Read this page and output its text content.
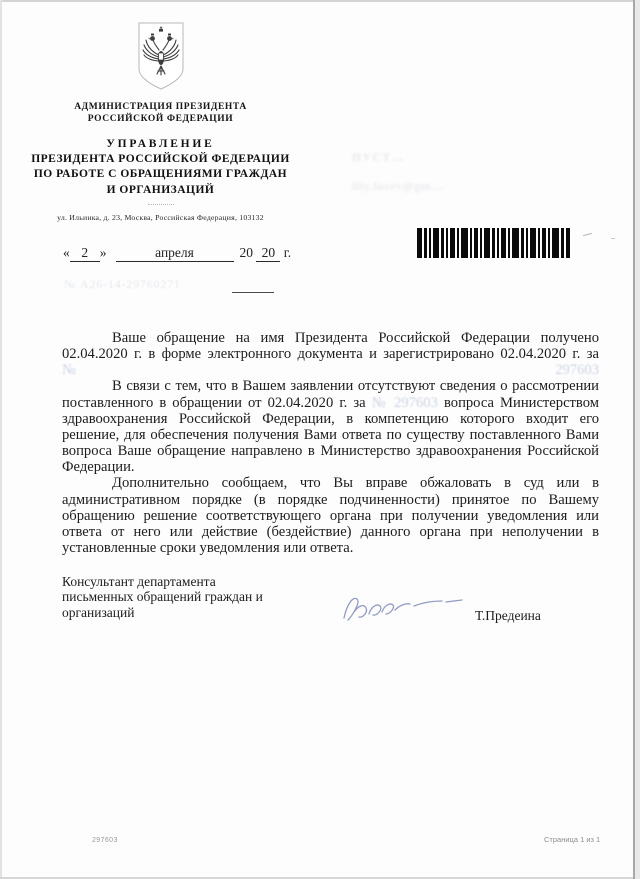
АДМИНИСТРАЦИЯ ПРЕЗИДЕНТА
РОССИЙСКОЙ ФЕДЕРАЦИИ
УПРАВЛЕНИЕ
ПРЕЗИДЕНТА РОССИЙСКОЙ ФЕДЕРАЦИИ
ПО РАБОТЕ С ОБРАЩЕНИЯМИ ГРАЖДАН
И ОРГАНИЗАЦИЙ
ул. Ильинка, д. 23, Москва, Российская Федерация, 103132
ПУСТ…
iliy.lusev@gm…
« 2 »	апреля	20 20 г.
№ А26-14-29760271

Ваше обращение на имя Президента Российской Федерации получено 02.04.2020 г. в форме электронного документа и зарегистрировано 02.04.2020 г. за
№ 297603

В связи с тем, что в Вашем заявлении отсутствуют сведения о рассмотрении поставленного в обращении от 02.04.2020 г. за № 297603 вопроса Министерством здравоохранения Российской Федерации, в компетенцию которого входит его решение, для обеспечения получения Вами ответа по существу поставленного Вами вопроса Ваше обращение направлено в Министерство здравоохранения Российской Федерации.

Дополнительно сообщаем, что Вы вправе обжаловать в суд или в административном порядке (в порядке подчиненности) принятое по Вашему обращению решение соответствующего органа при получении уведомления или ответа от него или действие (бездействие) данного органа при неполучении в установленные сроки уведомления или ответа.

Консультант департамента
письменных обращений граждан и
организаций	Т.Предеина
297603	Страница 1 из 1
